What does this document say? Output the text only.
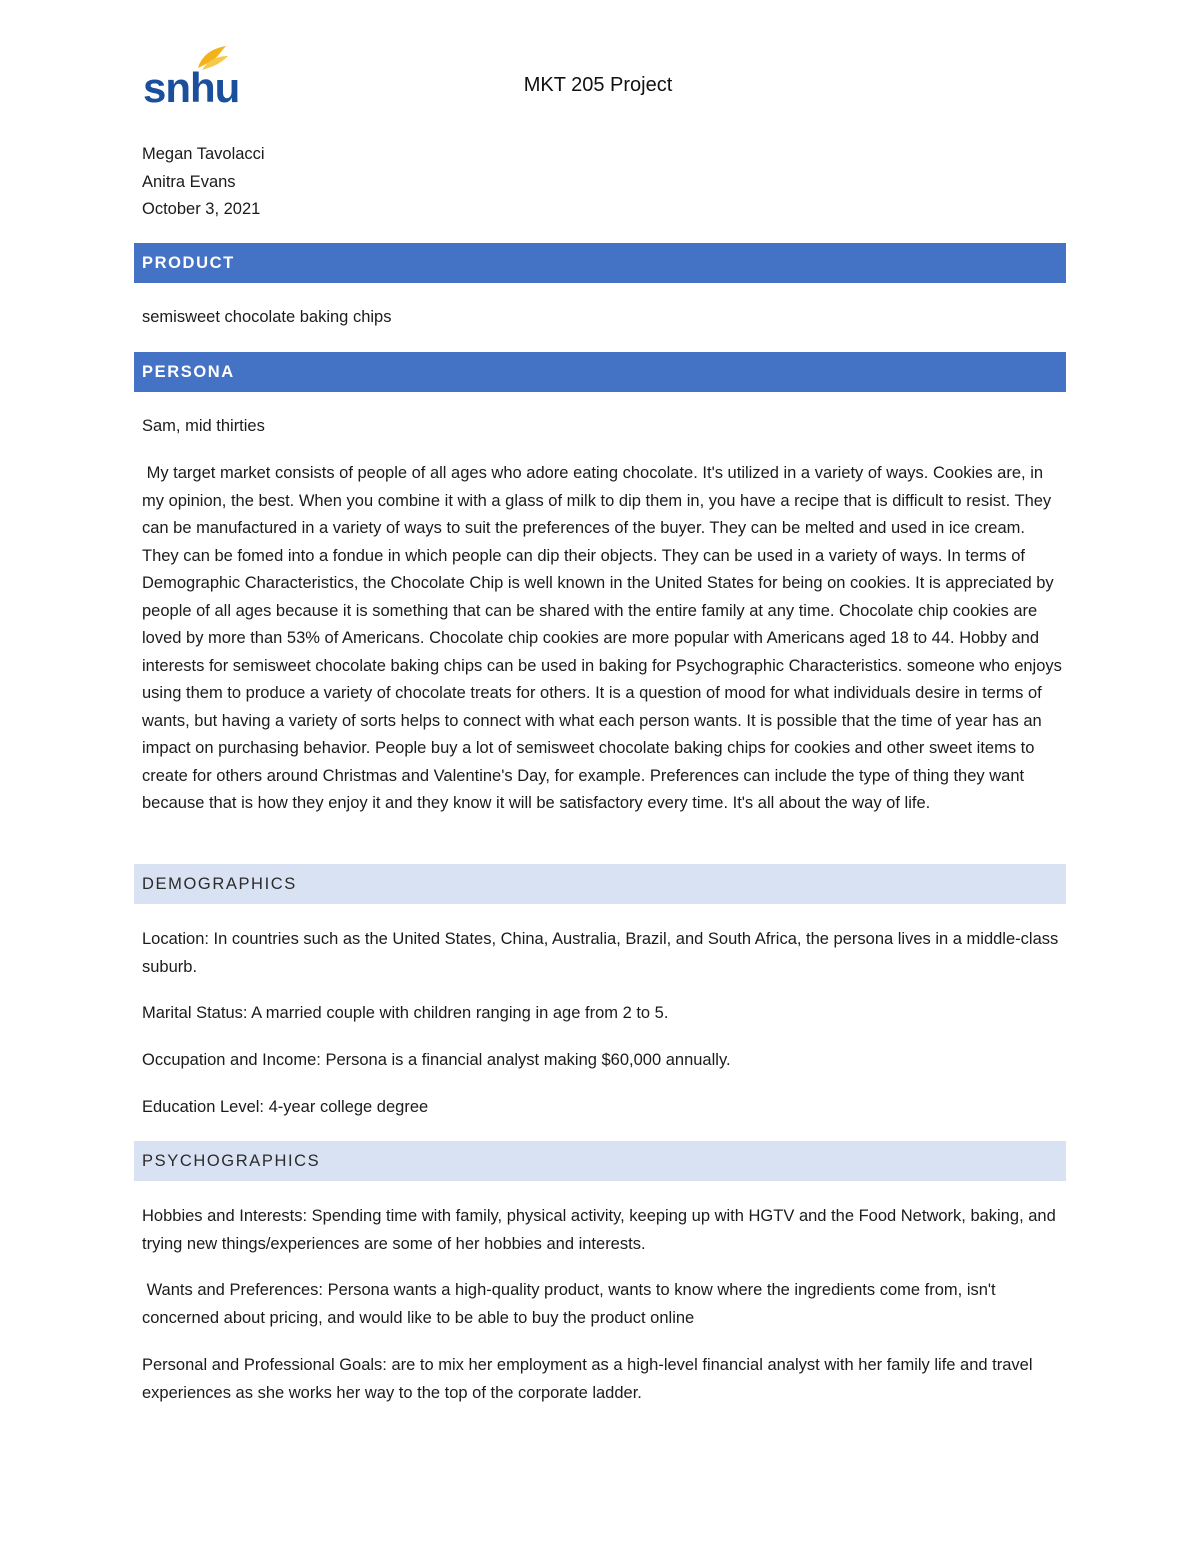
snhu	MKT 205 Project
Megan Tavolacci
Anitra Evans
October 3, 2021
PRODUCT
semisweet chocolate baking chips
PERSONA
Sam, mid thirties
My target market consists of people of all ages who adore eating chocolate. It's utilized in a variety of ways. Cookies are, in my opinion, the best. When you combine it with a glass of milk to dip them in, you have a recipe that is difficult to resist. They can be manufactured in a variety of ways to suit the preferences of the buyer. They can be melted and used in ice cream. They can be fomed into a fondue in which people can dip their objects. They can be used in a variety of ways. In terms of Demographic Characteristics, the Chocolate Chip is well known in the United States for being on cookies. It is appreciated by people of all ages because it is something that can be shared with the entire family at any time. Chocolate chip cookies are loved by more than 53% of Americans. Chocolate chip cookies are more popular with Americans aged 18 to 44. Hobby and interests for semisweet chocolate baking chips can be used in baking for Psychographic Characteristics. someone who enjoys using them to produce a variety of chocolate treats for others. It is a question of mood for what individuals desire in terms of wants, but having a variety of sorts helps to connect with what each person wants. It is possible that the time of year has an impact on purchasing behavior. People buy a lot of semisweet chocolate baking chips for cookies and other sweet items to create for others around Christmas and Valentine's Day, for example. Preferences can include the type of thing they want because that is how they enjoy it and they know it will be satisfactory every time. It's all about the way of life.
DEMOGRAPHICS
Location: In countries such as the United States, China, Australia, Brazil, and South Africa, the persona lives in a middle-class suburb.
Marital Status: A married couple with children ranging in age from 2 to 5.
Occupation and Income: Persona is a financial analyst making $60,000 annually.
Education Level: 4-year college degree
PSYCHOGRAPHICS
Hobbies and Interests: Spending time with family, physical activity, keeping up with HGTV and the Food Network, baking, and trying new things/experiences are some of her hobbies and interests.
Wants and Preferences: Persona wants a high-quality product, wants to know where the ingredients come from, isn't concerned about pricing, and would like to be able to buy the product online
Personal and Professional Goals: are to mix her employment as a high-level financial analyst with her family life and travel experiences as she works her way to the top of the corporate ladder.
